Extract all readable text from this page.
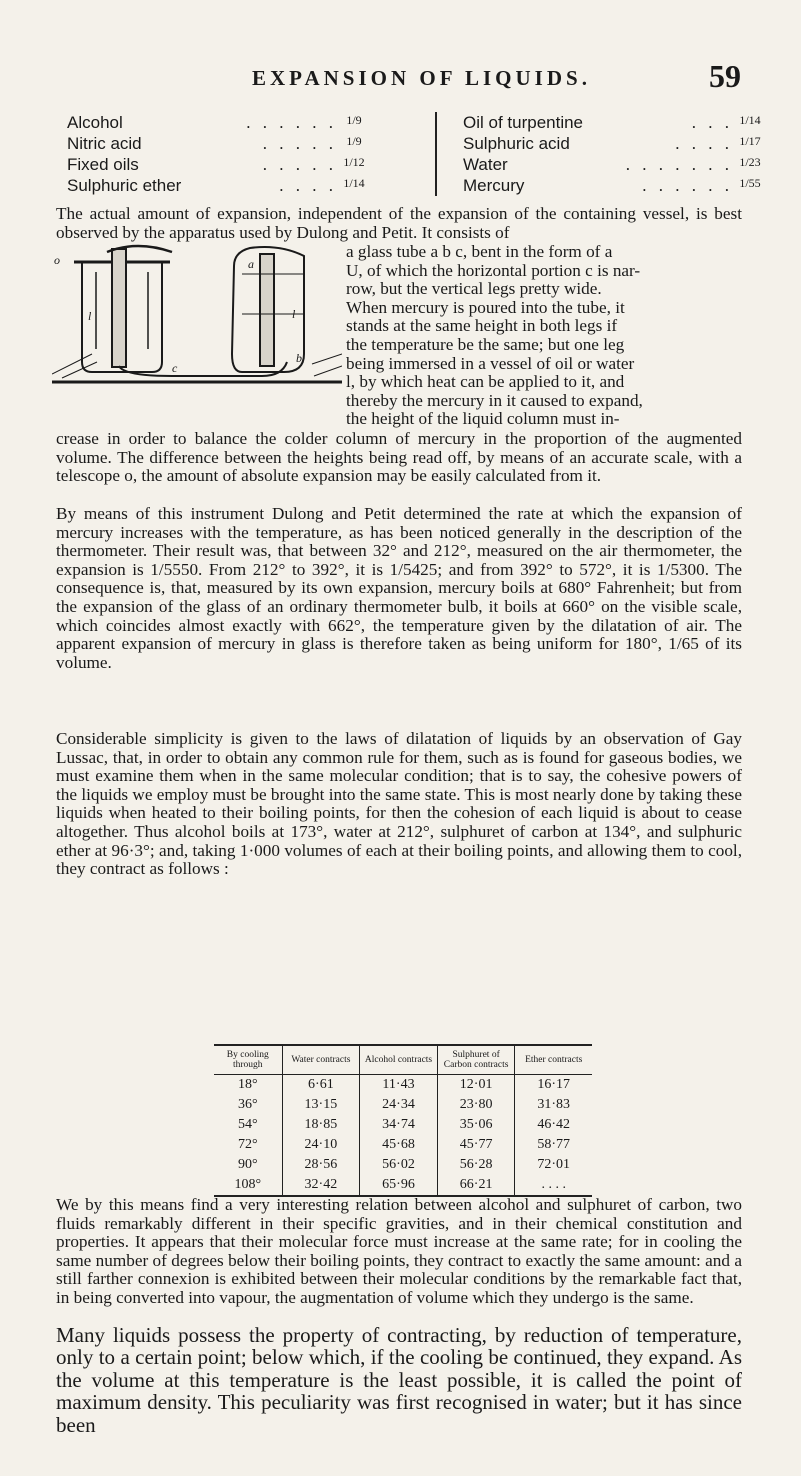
EXPANSION OF LIQUIDS.	59
Alcohol	. . . . . . 1/9
Nitric acid	. . . . . 1/9
Fixed oils	. . . . . 1/12
Sulphuric ether	. . . . 1/14
Oil of turpentine	. . . 1/14
Sulphuric acid	. . . . 1/17
Water	. . . . . . . 1/23
Mercury	. . . . . . 1/55
The actual amount of expansion, independent of the expansion of the containing vessel, is best observed by the apparatus used by Dulong and Petit. It consists of
o	a
l	l
c
b
a glass tube a b c, bent in the form of a
U, of which the horizontal portion c is nar-
row, but the vertical legs pretty wide.
When mercury is poured into the tube, it
stands at the same height in both legs if
the temperature be the same; but one leg
being immersed in a vessel of oil or water
l, by which heat can be applied to it, and
thereby the mercury in it caused to expand,
the height of the liquid column must in-
crease in order to balance the colder column of mercury in the proportion of the augmented volume. The difference between the heights being read off, by means of an accurate scale, with a telescope o, the amount of absolute expansion may be easily calculated from it.
By means of this instrument Dulong and Petit determined the rate at which the expansion of mercury increases with the temperature, as has been noticed generally in the description of the thermometer. Their result was, that between 32° and 212°, measured on the air thermometer, the expansion is 1/5550. From 212° to 392°, it is 1/5425; and from 392° to 572°, it is 1/5300. The consequence is, that, measured by its own expansion, mercury boils at 680° Fahrenheit; but from the expansion of the glass of an ordinary thermometer bulb, it boils at 660° on the visible scale, which coincides almost exactly with 662°, the temperature given by the dilatation of air. The apparent expansion of mercury in glass is therefore taken as being uniform for 180°, 1/65 of its volume.
Considerable simplicity is given to the laws of dilatation of liquids by an observation of Gay Lussac, that, in order to obtain any common rule for them, such as is found for gaseous bodies, we must examine them when in the same molecular condition; that is to say, the cohesive powers of the liquids we employ must be brought into the same state. This is most nearly done by taking these liquids when heated to their boiling points, for then the cohesion of each liquid is about to cease altogether. Thus alcohol boils at 173°, water at 212°, sulphuret of carbon at 134°, and sulphuric ether at 96·3°; and, taking 1·000 volumes of each at their boiling points, and allowing them to cool, they contract as follows :
By cooling through	Water contracts	Alcohol contracts	Sulphuret of Carbon contracts	Ether contracts
18°	6·61	11·43	12·01	16·17
36°	13·15	24·34	23·80	31·83
54°	18·85	34·74	35·06	46·42
72°	24·10	45·68	45·77	58·77
90°	28·56	56·02	56·28	72·01
108°	32·42	65·96	66·21	. . . .
We by this means find a very interesting relation between alcohol and sulphuret of carbon, two fluids remarkably different in their specific gravities, and in their chemical constitution and properties. It appears that their molecular force must increase at the same rate; for in cooling the same number of degrees below their boiling points, they contract to exactly the same amount: and a still farther connexion is exhibited between their molecular conditions by the remarkable fact that, in being converted into vapour, the augmentation of volume which they undergo is the same.
Many liquids possess the property of contracting, by reduction of temperature, only to a certain point; below which, if the cooling be continued, they expand. As the volume at this temperature is the least possible, it is called the point of maximum density. This peculiarity was first recognised in water; but it has since been
